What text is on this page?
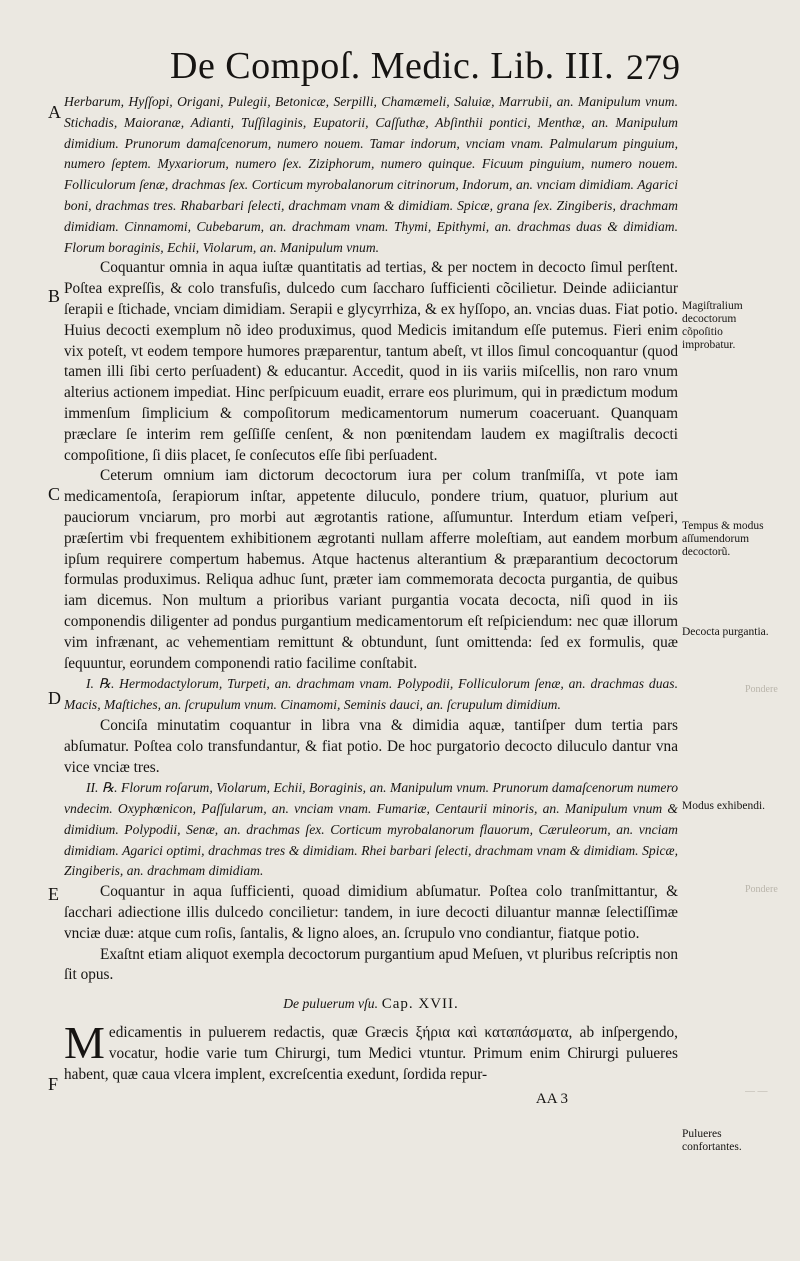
De Compoſ. Medic. Lib. III. 279
A
B
C
D
E
F

Herbarum, Hyſſopi, Origani, Pulegii, Betonicæ, Serpilli, Chamæmeli, Saluiæ, Marrubii, an. Manipulum vnum. Stichadis, Maioranæ, Adianti, Tuſſilaginis, Eupatorii, Caſſuthæ, Abſinthii pontici, Menthæ, an. Manipulum dimidium. Prunorum damaſcenorum, numero nouem. Tamar indorum, vnciam vnam. Palmularum pinguium, numero ſeptem. Myxariorum, numero ſex. Ziziphorum, numero quinque. Ficuum pinguium, numero nouem. Folliculorum ſenæ, drachmas ſex. Corticum myrobalanorum citrinorum, Indorum, an. vnciam dimidiam. Agarici boni, drachmas tres. Rhabarbari ſelecti, drachmam vnam & dimidiam. Spicæ, grana ſex. Zingiberis, drachmam dimidiam. Cinnamomi, Cubebarum, an. drachmam vnam. Thymi, Epithymi, an. drachmas duas & dimidiam. Florum boraginis, Echii, Violarum, an. Manipulum vnum.

Coquantur omnia in aqua iuſtæ quantitatis ad tertias, & per noctem in decocto ſimul perſtent. Poſtea expreſſis, & colo transfuſis, dulcedo cum ſaccharo ſufficienti cõcilietur. Deinde adiiciantur ſerapii e ſtichade, vnciam dimidiam. Serapii e glycyrrhiza, & ex hyſſopo, an. vncias duas. Fiat potio. Huius decocti exemplum nõ ideo produximus, quod Medicis imitandum eſſe putemus. Fieri enim vix poteſt, vt eodem tempore humores præparentur, tantum abeſt, vt illos ſimul concoquantur (quod tamen illi ſibi certo perſuadent) & educantur. Accedit, quod in iis variis miſcellis, non raro vnum alterius actionem impediat. Hinc perſpicuum euadit, errare eos plurimum, qui in prædictum modum immenſum ſimplicium & compoſitorum medicamentorum numerum coaceruant. Quanquam præclare ſe interim rem geſſiſſe cenſent, & non pœnitendam laudem ex magiſtralis decocti compoſitione, ſi diis placet, ſe conſecutos eſſe ſibi perſuadent.

Ceterum omnium iam dictorum decoctorum iura per colum tranſmiſſa, vt pote iam medicamentoſa, ſerapiorum inſtar, appetente diluculo, pondere trium, quatuor, plurium aut pauciorum vnciarum, pro morbi aut ægrotantis ratione, aſſumuntur. Interdum etiam veſperi, præſertim vbi frequentem exhibitionem ægrotanti nullam afferre moleſtiam, aut eandem morbum ipſum requirere compertum habemus. Atque hactenus alterantium & præparantium decoctorum formulas produximus. Reliqua adhuc ſunt, præter iam commemorata decocta purgantia, de quibus iam dicemus. Non multum a prioribus variant purgantia vocata decocta, niſi quod in iis componendis diligenter ad pondus purgantium medicamentorum eſt reſpiciendum: nec quæ illorum vim infrænant, ac vehementiam remittunt & obtundunt, ſunt omittenda: ſed ex formulis, quæ ſequuntur, eorundem componendi ratio facilime conſtabit.

I. ℞. Hermodactylorum, Turpeti, an. drachmam vnam. Polypodii, Folliculorum ſenæ, an. drachmas duas. Macis, Maſtiches, an. ſcrupulum vnum. Cinamomi, Seminis dauci, an. ſcrupulum dimidium.

Conciſa minutatim coquantur in libra vna & dimidia aquæ, tantiſper dum tertia pars abſumatur. Poſtea colo transfundantur, & fiat potio. De hoc purgatorio decocto diluculo dantur vna vice vnciæ tres.

II. ℞. Florum roſarum, Violarum, Echii, Boraginis, an. Manipulum vnum. Prunorum damaſcenorum numero vndecim. Oxyphœnicon, Paſſularum, an. vnciam vnam. Fumariæ, Centaurii minoris, an. Manipulum vnum & dimidium. Polypodii, Senæ, an. drachmas ſex. Corticum myrobalanorum flauorum, Cæruleorum, an. vnciam dimidiam. Agarici optimi, drachmas tres & dimidiam. Rhei barbari ſelecti, drachmam vnam & dimidiam. Spicæ, Zingiberis, an. drachmam dimidiam.

Coquantur in aqua ſufficienti, quoad dimidium abſumatur. Poſtea colo tranſmittantur, & ſacchari adiectione illis dulcedo concilietur: tandem, in iure decocti diluantur mannæ ſelectiſſimæ vnciæ duæ: atque cum roſis, ſantalis, & ligno aloes, an. ſcrupulo vno condiantur, fiatque potio.

Exaſtnt etiam aliquot exempla decoctorum purgantium apud Meſuen, vt pluribus reſcriptis non ſit opus.

De puluerum vſu. Cap. XVII.

M edicamentis in puluerem redactis, quæ Græcis ξήρια καὶ καταπάσματα, ab inſpergendo, vocatur, hodie varie tum Chirurgi, tum Medici vtuntur. Primum enim Chirurgi pulueres habent, quæ caua vlcera implent, excreſcentia exedunt, ſordida repur-

AA 3

Magiſtralium decoctorum cõpoſitio improbatur.
Tempus & modus aſſumendorum decoctorũ.
Decocta purgantia.
Modus exhibendi.
Pulueres confortantes.
Pondere
Pondere
— —
